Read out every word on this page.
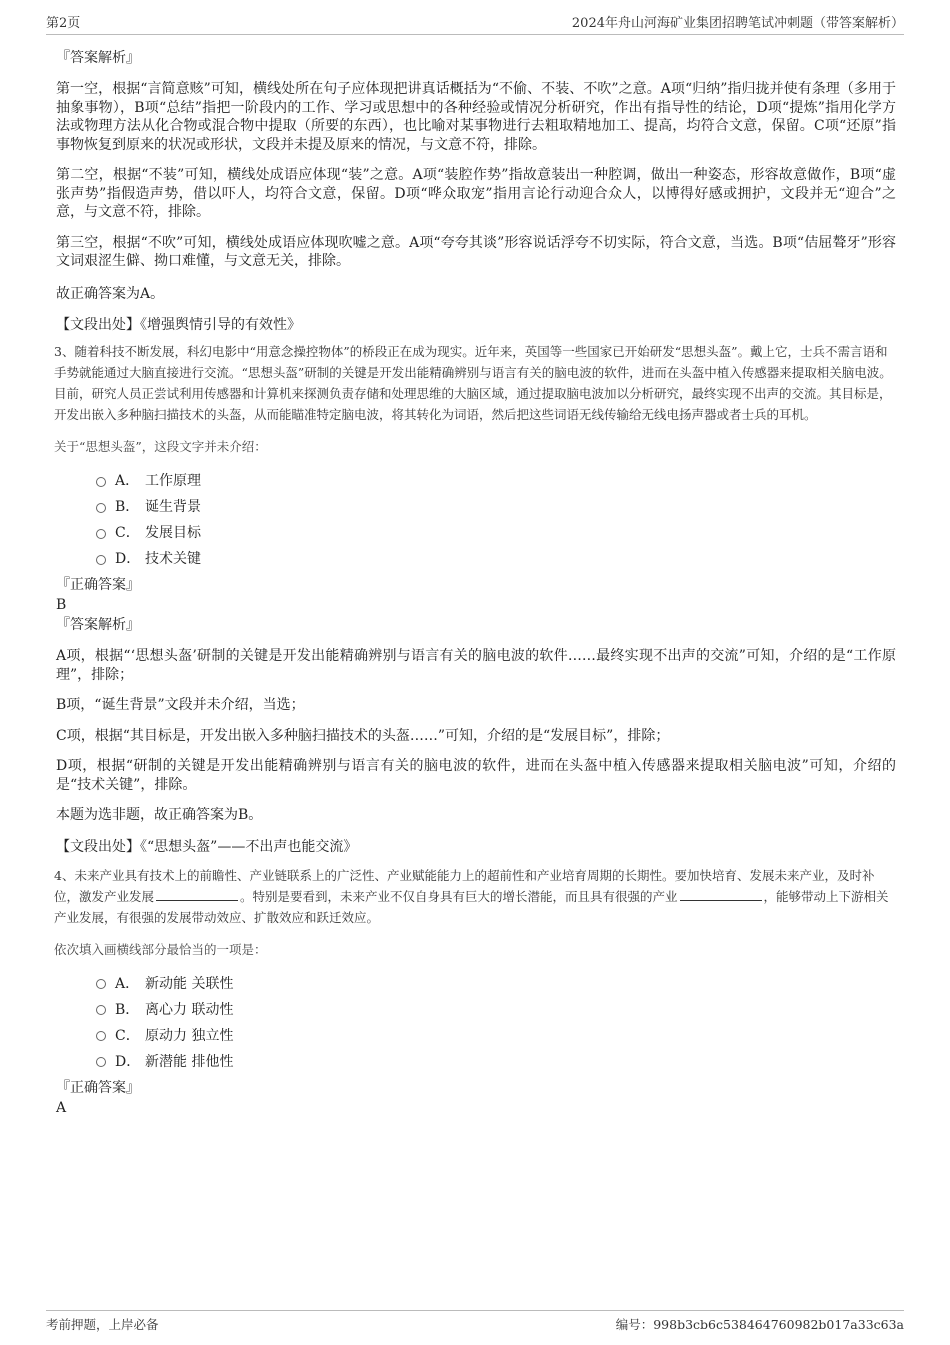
第2页	2024年舟山河海矿业集团招聘笔试冲刺题（带答案解析）

『答案解析』

第一空，根据“言简意赅”可知，横线处所在句子应体现把讲真话概括为“不偷、不装、不吹”之意。A项“归纳”指归拢并使有条理（多用于抽象事物），B项“总结”指把一阶段内的工作、学习或思想中的各种经验或情况分析研究，作出有指导性的结论，D项“提炼”指用化学方法或物理方法从化合物或混合物中提取（所要的东西），也比喻对某事物进行去粗取精地加工、提高，均符合文意，保留。C项“还原”指事物恢复到原来的状况或形状，文段并未提及原来的情况，与文意不符，排除。

第二空，根据“不装”可知，横线处成语应体现“装”之意。A项“装腔作势”指故意装出一种腔调，做出一种姿态，形容故意做作，B项“虚张声势”指假造声势，借以吓人，均符合文意，保留。D项“哗众取宠”指用言论行动迎合众人，以博得好感或拥护，文段并无“迎合”之意，与文意不符，排除。

第三空，根据“不吹”可知，横线处成语应体现吹嘘之意。A项“夸夸其谈”形容说话浮夸不切实际，符合文意，当选。B项“佶屈聱牙”形容文词艰涩生僻、拗口难懂，与文意无关，排除。

故正确答案为A。

【文段出处】《增强舆情引导的有效性》

3、随着科技不断发展，科幻电影中“用意念操控物体”的桥段正在成为现实。近年来，英国等一些国家已开始研发“思想头盔”。戴上它，士兵不需言语和手势就能通过大脑直接进行交流。“思想头盔”研制的关键是开发出能精确辨别与语言有关的脑电波的软件，进而在头盔中植入传感器来提取相关脑电波。目前，研究人员正尝试利用传感器和计算机来探测负责存储和处理思维的大脑区域，通过提取脑电波加以分析研究，最终实现不出声的交流。其目标是，开发出嵌入多种脑扫描技术的头盔，从而能瞄准特定脑电波，将其转化为词语，然后把这些词语无线传输给无线电扬声器或者士兵的耳机。

关于“思想头盔”，这段文字并未介绍：

A． 工作原理
B． 诞生背景
C． 发展目标
D． 技术关键

『正确答案』

B

『答案解析』

A项，根据“‘思想头盔’研制的关键是开发出能精确辨别与语言有关的脑电波的软件……最终实现不出声的交流”可知，介绍的是“工作原理”，排除；

B项，“诞生背景”文段并未介绍，当选；

C项，根据“其目标是，开发出嵌入多种脑扫描技术的头盔……”可知，介绍的是“发展目标”，排除；

D项，根据“研制的关键是开发出能精确辨别与语言有关的脑电波的软件，进而在头盔中植入传感器来提取相关脑电波”可知，介绍的是“技术关键”，排除。

本题为选非题，故正确答案为B。

【文段出处】《“思想头盔”——不出声也能交流》

4、未来产业具有技术上的前瞻性、产业链联系上的广泛性、产业赋能能力上的超前性和产业培育周期的长期性。要加快培育、发展未来产业，及时补位，激发产业发展	。特别是要看到，未来产业不仅自身具有巨大的增长潜能，而且具有很强的产业	，能够带动上下游相关产业发展，有很强的发展带动效应、扩散效应和跃迁效应。

依次填入画横线部分最恰当的一项是：

A． 新动能 关联性
B． 离心力 联动性
C． 原动力 独立性
D． 新潜能 排他性

『正确答案』

A

考前押题，上岸必备	编号：998b3cb6c538464760982b017a33c63a
